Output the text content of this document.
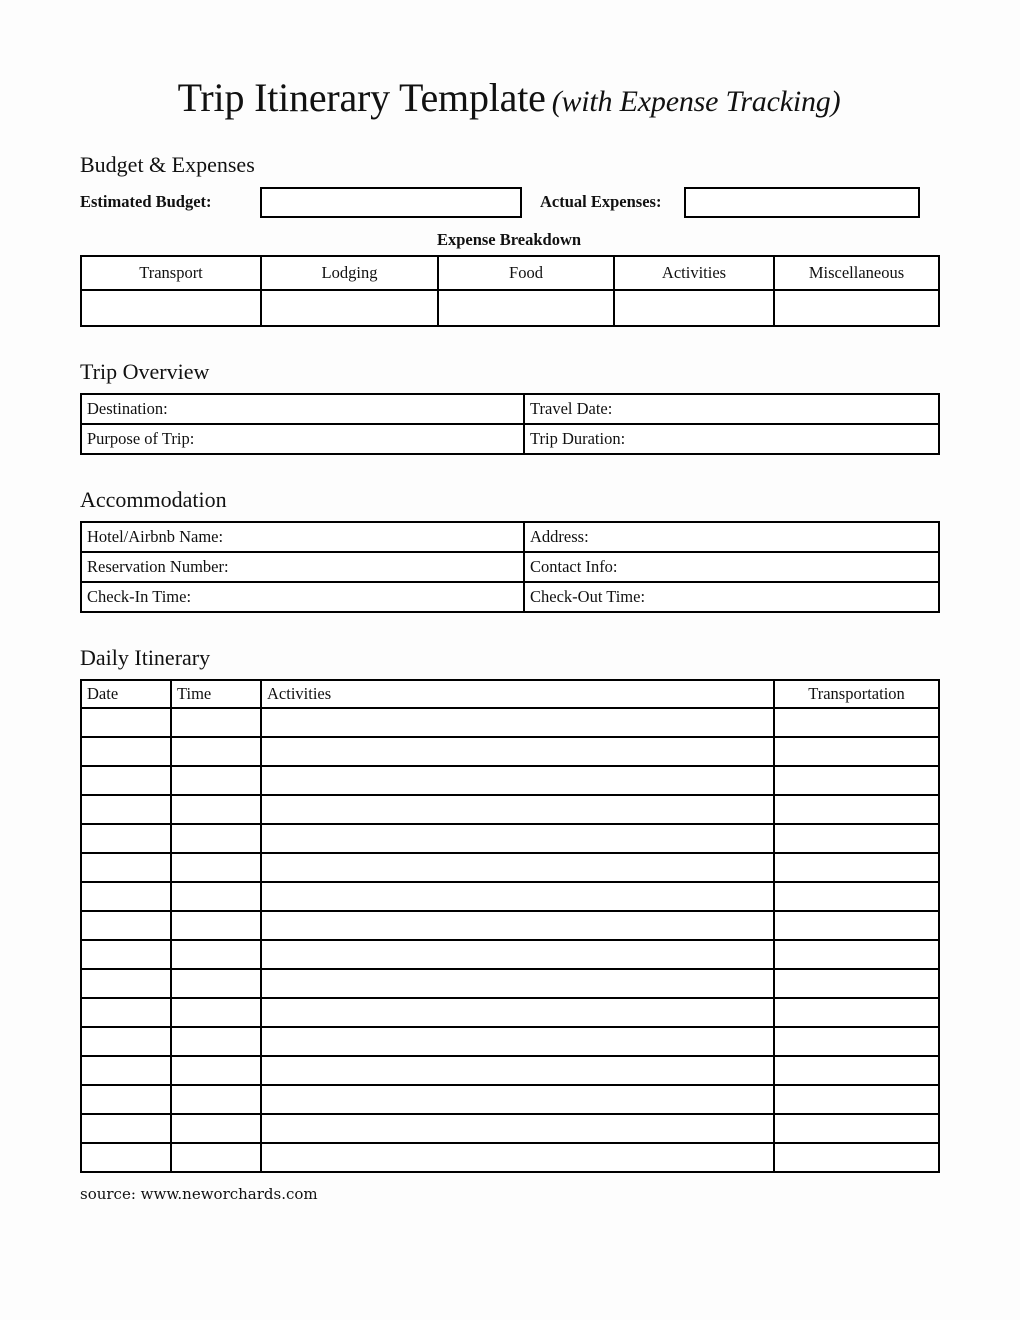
Trip Itinerary Template (with Expense Tracking)
Budget & Expenses
Estimated Budget:	Actual Expenses:
Expense Breakdown
Transport	Lodging	Food	Activities	Miscellaneous

Trip Overview
Destination:	Travel Date:
Purpose of Trip:	Trip Duration:
Accommodation
Hotel/Airbnb Name:	Address:
Reservation Number:	Contact Info:
Check-In Time:	Check-Out Time:
Daily Itinerary
Date	Time	Activities	Transportation

source: www.neworchards.com
